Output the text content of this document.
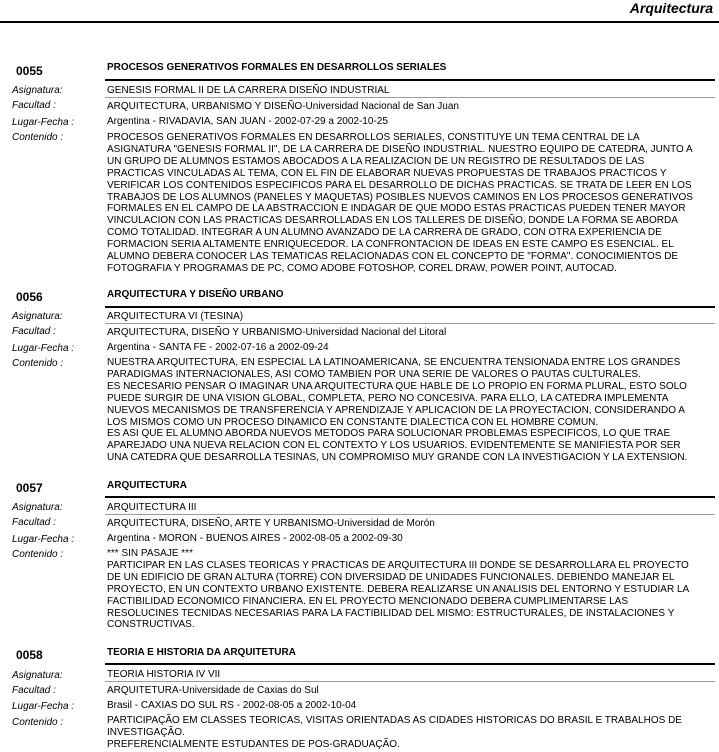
Arquitectura
0055	PROCESOS GENERATIVOS FORMALES EN DESARROLLOS SERIALES
Asignatura:	GENESIS FORMAL II DE LA CARRERA DISEÑO INDUSTRIAL
Facultad :	ARQUITECTURA, URBANISMO Y DISEÑO-Universidad Nacional de San Juan
Lugar-Fecha :	Argentina - RIVADAVIA, SAN JUAN - 2002-07-29 a 2002-10-25
Contenido :	PROCESOS GENERATIVOS FORMALES EN DESARROLLOS SERIALES, CONSTITUYE UN TEMA CENTRAL DE LA
ASIGNATURA "GENESIS FORMAL II", DE LA CARRERA DE DISEÑO INDUSTRIAL. NUESTRO EQUIPO DE CATEDRA, JUNTO A
UN GRUPO DE ALUMNOS ESTAMOS ABOCADOS A LA REALIZACION DE UN REGISTRO DE RESULTADOS DE LAS
PRACTICAS VINCULADAS AL TEMA, CON EL FIN DE ELABORAR NUEVAS PROPUESTAS DE TRABAJOS PRACTICOS Y
VERIFICAR LOS CONTENIDOS ESPECIFICOS PARA EL DESARROLLO DE DICHAS PRACTICAS. SE TRATA DE LEER EN LOS
TRABAJOS DE LOS ALUMNOS (PANELES Y MAQUETAS) POSIBLES NUEVOS CAMINOS EN LOS PROCESOS GENERATIVOS
FORMALES EN EL CAMPO DE LA ABSTRACCION E INDAGAR DE QUE MODO ESTAS PRACTICAS PUEDEN TENER MAYOR
VINCULACION CON LAS PRACTICAS DESARROLLADAS EN LOS TALLERES DE DISEÑO, DONDE LA FORMA SE ABORDA
COMO TOTALIDAD. INTEGRAR A UN ALUMNO AVANZADO DE LA CARRERA DE GRADO, CON OTRA EXPERIENCIA DE
FORMACION SERIA ALTAMENTE ENRIQUECEDOR. LA CONFRONTACION DE IDEAS EN ESTE CAMPO ES ESENCIAL. EL
ALUMNO DEBERA CONOCER LAS TEMATICAS RELACIONADAS CON EL CONCEPTO DE "FORMA". CONOCIMIENTOS DE
FOTOGRAFIA Y PROGRAMAS DE PC, COMO ADOBE FOTOSHOP, COREL DRAW, POWER POINT, AUTOCAD.
0056	ARQUITECTURA Y DISEÑO URBANO
Asignatura:	ARQUITECTURA VI (TESINA)
Facultad :	ARQUITECTURA, DISEÑO Y URBANISMO-Universidad Nacional del Litoral
Lugar-Fecha :	Argentina - SANTA FE - 2002-07-16 a 2002-09-24
Contenido :	NUESTRA ARQUITECTURA, EN ESPECIAL LA LATINOAMERICANA, SE ENCUENTRA TENSIONADA ENTRE LOS GRANDES
PARADIGMAS INTERNACIONALES, ASI COMO TAMBIEN POR UNA SERIE DE VALORES O PAUTAS CULTURALES.
ES NECESARIO PENSAR O IMAGINAR UNA ARQUITECTURA QUE HABLE DE LO PROPIO EN FORMA PLURAL, ESTO SOLO
PUEDE SURGIR DE UNA VISION GLOBAL, COMPLETA, PERO NO CONCESIVA. PARA ELLO, LA CATEDRA IMPLEMENTA
NUEVOS MECANISMOS DE TRANSFERENCIA Y APRENDIZAJE Y APLICACION DE LA PROYECTACION, CONSIDERANDO A
LOS MISMOS COMO UN PROCESO DINAMICO EN CONSTANTE DIALECTICA CON EL HOMBRE COMUN.
ES ASI QUE EL ALUMNO ABORDA NUEVOS METODOS PARA SOLUCIONAR PROBLEMAS ESPECIFICOS, LO QUE TRAE
APAREJADO UNA NUEVA RELACION CON EL CONTEXTO Y LOS USUARIOS. EVIDENTEMENTE SE MANIFIESTA POR SER
UNA CATEDRA QUE DESARROLLA TESINAS, UN COMPROMISO MUY GRANDE CON LA INVESTIGACION Y LA EXTENSION.
0057	ARQUITECTURA
Asignatura:	ARQUITECTURA III
Facultad :	ARQUITECTURA, DISEÑO, ARTE Y URBANISMO-Universidad de Morón
Lugar-Fecha :	Argentina - MORON - BUENOS AIRES - 2002-08-05 a 2002-09-30
Contenido :	*** SIN PASAJE ***
PARTICIPAR EN LAS CLASES TEORICAS Y PRACTICAS DE ARQUITECTURA III DONDE SE DESARROLLARA EL PROYECTO
DE UN EDIFICIO DE GRAN ALTURA (TORRE) CON DIVERSIDAD DE UNIDADES FUNCIONALES. DEBIENDO MANEJAR EL
PROYECTO, EN UN CONTEXTO URBANO EXISTENTE. DEBERA REALIZARSE UN ANALISIS DEL ENTORNO Y ESTUDIAR LA
FACTIBILIDAD ECONOMICO FINANCIERA. EN EL PROYECTO MENCIONADO DEBERA CUMPLIMENTARSE LAS
RESOLUCINES TECNIDAS NECESARIAS PARA LA FACTIBILIDAD DEL MISMO: ESTRUCTURALES, DE INSTALACIONES Y
CONSTRUCTIVAS.
0058	TEORIA E HISTORIA DA ARQUITETURA
Asignatura:	TEORIA HISTORIA IV VII
Facultad :	ARQUITETURA-Universidade de Caxias do Sul
Lugar-Fecha :	Brasil - CAXIAS DO SUL RS - 2002-08-05 a 2002-10-04
Contenido :	PARTICIPAÇÃO EM CLASSES TEORICAS, VISITAS ORIENTADAS AS CIDADES HISTORICAS DO BRASIL E TRABALHOS DE
INVESTIGAÇÃO.
PREFERENCIALMENTE ESTUDANTES DE POS-GRADUAÇÃO.
